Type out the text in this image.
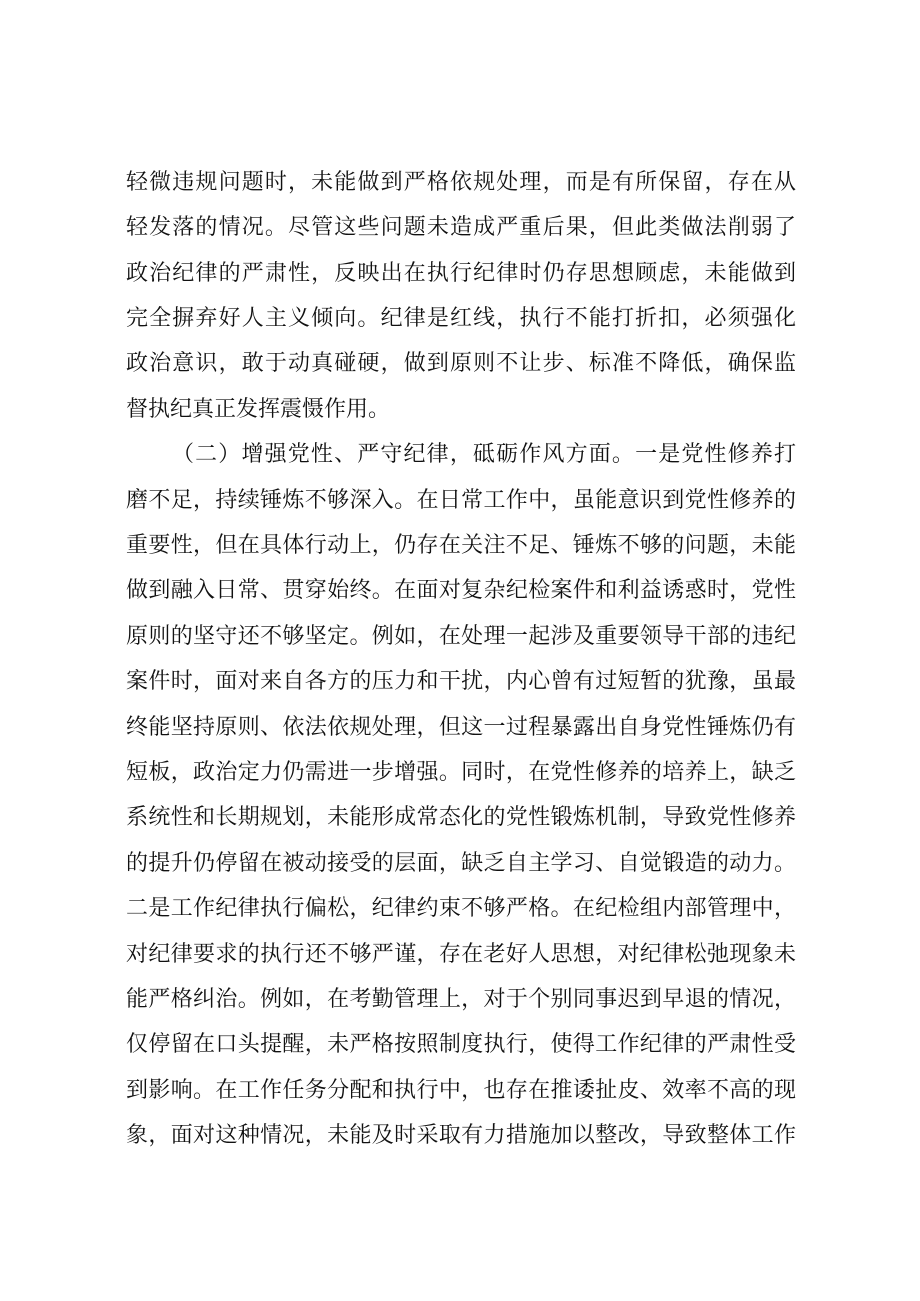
轻微违规问题时，未能做到严格依规处理，而是有所保留，存在从
轻发落的情况。尽管这些问题未造成严重后果，但此类做法削弱了
政治纪律的严肃性，反映出在执行纪律时仍存思想顾虑，未能做到
完全摒弃好人主义倾向。纪律是红线，执行不能打折扣，必须强化
政治意识，敢于动真碰硬，做到原则不让步、标准不降低，确保监
督执纪真正发挥震慑作用。
（二）增强党性、严守纪律，砥砺作风方面。一是党性修养打
磨不足，持续锤炼不够深入。在日常工作中，虽能意识到党性修养的
重要性，但在具体行动上，仍存在关注不足、锤炼不够的问题，未能
做到融入日常、贯穿始终。在面对复杂纪检案件和利益诱惑时，党性
原则的坚守还不够坚定。例如，在处理一起涉及重要领导干部的违纪
案件时，面对来自各方的压力和干扰，内心曾有过短暂的犹豫，虽最
终能坚持原则、依法依规处理，但这一过程暴露出自身党性锤炼仍有
短板，政治定力仍需进一步增强。同时，在党性修养的培养上，缺乏
系统性和长期规划，未能形成常态化的党性锻炼机制，导致党性修养
的提升仍停留在被动接受的层面，缺乏自主学习、自觉锻造的动力。
二是工作纪律执行偏松，纪律约束不够严格。在纪检组内部管理中，
对纪律要求的执行还不够严谨，存在老好人思想，对纪律松弛现象未
能严格纠治。例如，在考勤管理上，对于个别同事迟到早退的情况，
仅停留在口头提醒，未严格按照制度执行，使得工作纪律的严肃性受
到影响。在工作任务分配和执行中，也存在推诿扯皮、效率不高的现
象，面对这种情况，未能及时采取有力措施加以整改，导致整体工作
